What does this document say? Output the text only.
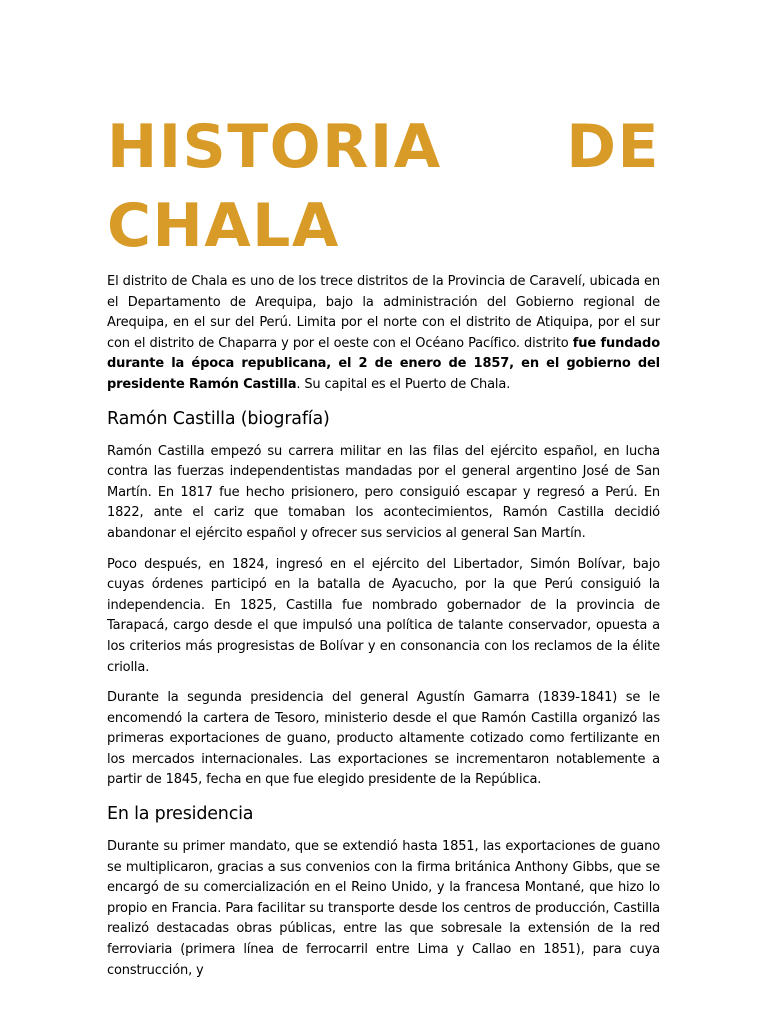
HISTORIA DE
CHALA

El distrito de Chala es uno de los trece distritos de la Provincia de Caravelí, ubicada en el Departamento de Arequipa, bajo la administración del Gobierno regional de Arequipa, en el sur del Perú. Limita por el norte con el distrito de Atiquipa, por el sur con el distrito de Chaparra y por el oeste con el Océano Pacífico. distrito fue fundado durante la época republicana, el 2 de enero de 1857, en el gobierno del presidente Ramón Castilla. Su capital es el Puerto de Chala.

Ramón Castilla (biografía)

Ramón Castilla empezó su carrera militar en las filas del ejército español, en lucha contra las fuerzas independentistas mandadas por el general argentino José de San Martín. En 1817 fue hecho prisionero, pero consiguió escapar y regresó a Perú. En 1822, ante el cariz que tomaban los acontecimientos, Ramón Castilla decidió abandonar el ejército español y ofrecer sus servicios al general San Martín.

Poco después, en 1824, ingresó en el ejército del Libertador, Simón Bolívar, bajo cuyas órdenes participó en la batalla de Ayacucho, por la que Perú consiguió la independencia. En 1825, Castilla fue nombrado gobernador de la provincia de Tarapacá, cargo desde el que impulsó una política de talante conservador, opuesta a los criterios más progresistas de Bolívar y en consonancia con los reclamos de la élite criolla.

Durante la segunda presidencia del general Agustín Gamarra (1839-1841) se le encomendó la cartera de Tesoro, ministerio desde el que Ramón Castilla organizó las primeras exportaciones de guano, producto altamente cotizado como fertilizante en los mercados internacionales. Las exportaciones se incrementaron notablemente a partir de 1845, fecha en que fue elegido presidente de la República.

En la presidencia

Durante su primer mandato, que se extendió hasta 1851, las exportaciones de guano se multiplicaron, gracias a sus convenios con la firma británica Anthony Gibbs, que se encargó de su comercialización en el Reino Unido, y la francesa Montané, que hizo lo propio en Francia. Para facilitar su transporte desde los centros de producción, Castilla realizó destacadas obras públicas, entre las que sobresale la extensión de la red ferroviaria (primera línea de ferrocarril entre Lima y Callao en 1851), para cuya construcción, y
